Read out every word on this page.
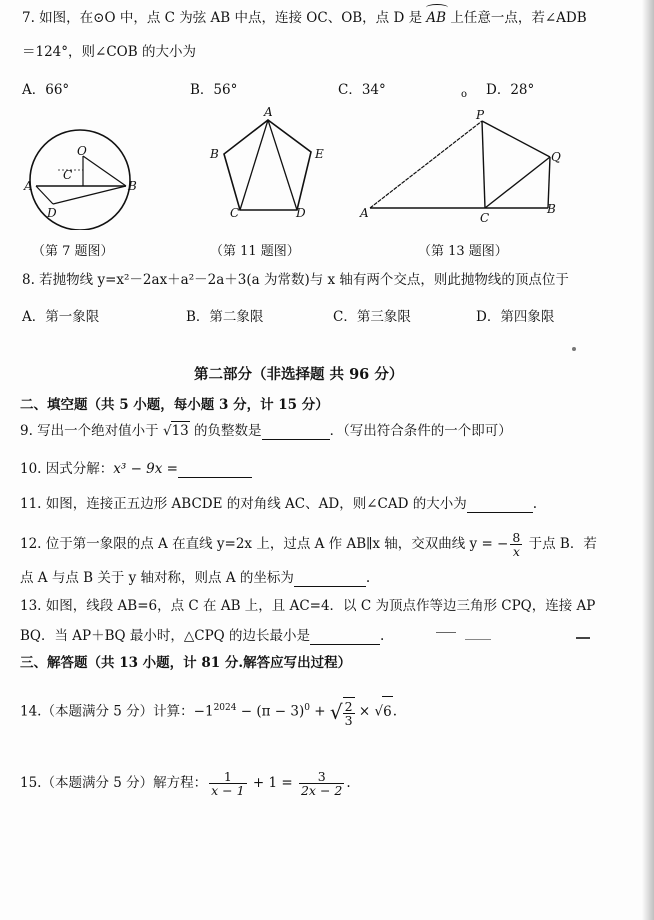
7. 如图，在⊙O 中，点 C 为弦 AB 中点，连接 OC、OB，点 D 是
AB 上任意一点，若∠ADB
＝124°，则∠COB 的大小为
A．66°	B．56°	C．34°	o D．28°
O
C
A	B
D
A
B	E
C	D
P
Q
A	C
B
（第 7 题图）	（第 11 题图）	（第 13 题图）
8. 若抛物线 y=x²－2ax＋a²－2a＋3(a 为常数)与 x 轴有两个交点，则此抛物线的顶点位于
A．第一象限	B．第二象限	C．第三象限	D．第四象限
第二部分（非选择题 共 96 分）
二、填空题（共 5 小题，每小题 3 分，计 15 分）
9. 写出一个绝对值小于 √13 的负整数是	．（写出符合条件的一个即可）
10. 因式分解：x³ − 9x =
11. 如图，连接正五边形 ABCDE 的对角线 AC、AD，则∠CAD 的大小为	.
12. 位于第一象限的点 A 在直线 y=2x 上，过点 A 作 AB∥x 轴，交双曲线 y = − $\frac{8}{x}$ 于点 B．若
点 A 与点 B 关于 y 轴对称，则点 A 的坐标为	.
13. 如图，线段 AB=6，点 C 在 AB 上，且 AC=4．以 C 为顶点作等边三角形 CPQ，连接 AP
BQ．当 AP＋BQ 最小时，△CPQ 的边长最小是	.
三、解答题（共 13 小题，计 81 分.解答应写出过程）
14.（本题满分 5 分）计算：$-1^{2024} - (\pi - 3)^0$ + √ $\frac{2}{3} \times √6$.
15.（本题满分 5 分）解方程： $\frac{1}{x - 1} + 1 = \frac{3}{2x - 2}$ .
